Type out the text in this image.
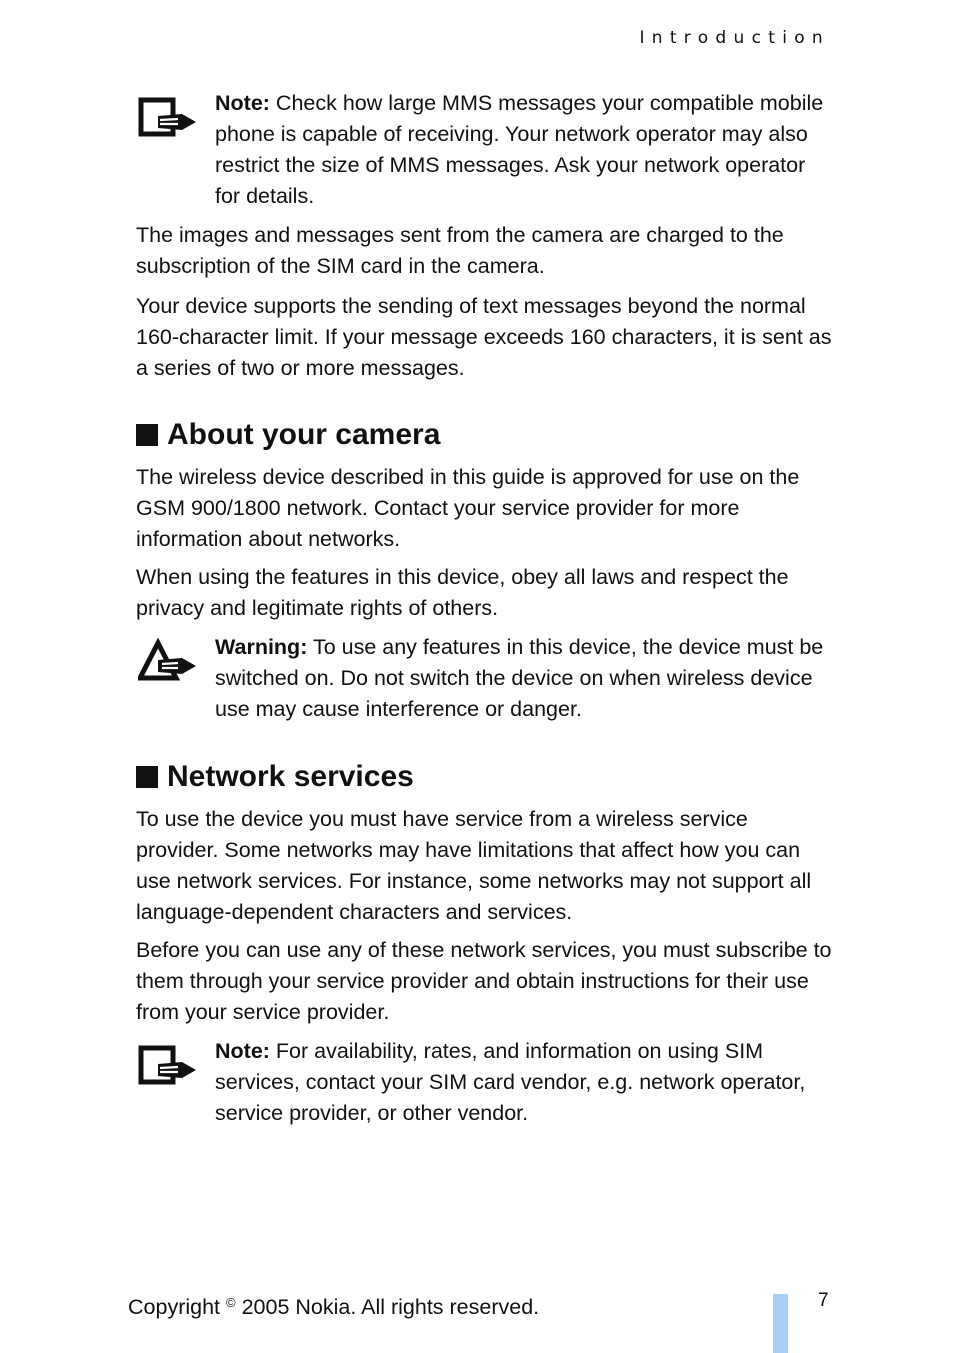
Introduction

Note: Check how large MMS messages your compatible mobile phone is capable of receiving. Your network operator may also restrict the size of MMS messages. Ask your network operator for details.

The images and messages sent from the camera are charged to the subscription of the SIM card in the camera.

Your device supports the sending of text messages beyond the normal 160-character limit. If your message exceeds 160 characters, it is sent as a series of two or more messages.

About your camera

The wireless device described in this guide is approved for use on the GSM 900/1800 network. Contact your service provider for more information about networks.

When using the features in this device, obey all laws and respect the privacy and legitimate rights of others.

Warning: To use any features in this device, the device must be switched on. Do not switch the device on when wireless device use may cause interference or danger.

Network services

To use the device you must have service from a wireless service provider. Some networks may have limitations that affect how you can use network services. For instance, some networks may not support all language-dependent characters and services.

Before you can use any of these network services, you must subscribe to them through your service provider and obtain instructions for their use from your service provider.

Note: For availability, rates, and information on using SIM services, contact your SIM card vendor, e.g. network operator, service provider, or other vendor.

Copyright © 2005 Nokia. All rights reserved.	7
